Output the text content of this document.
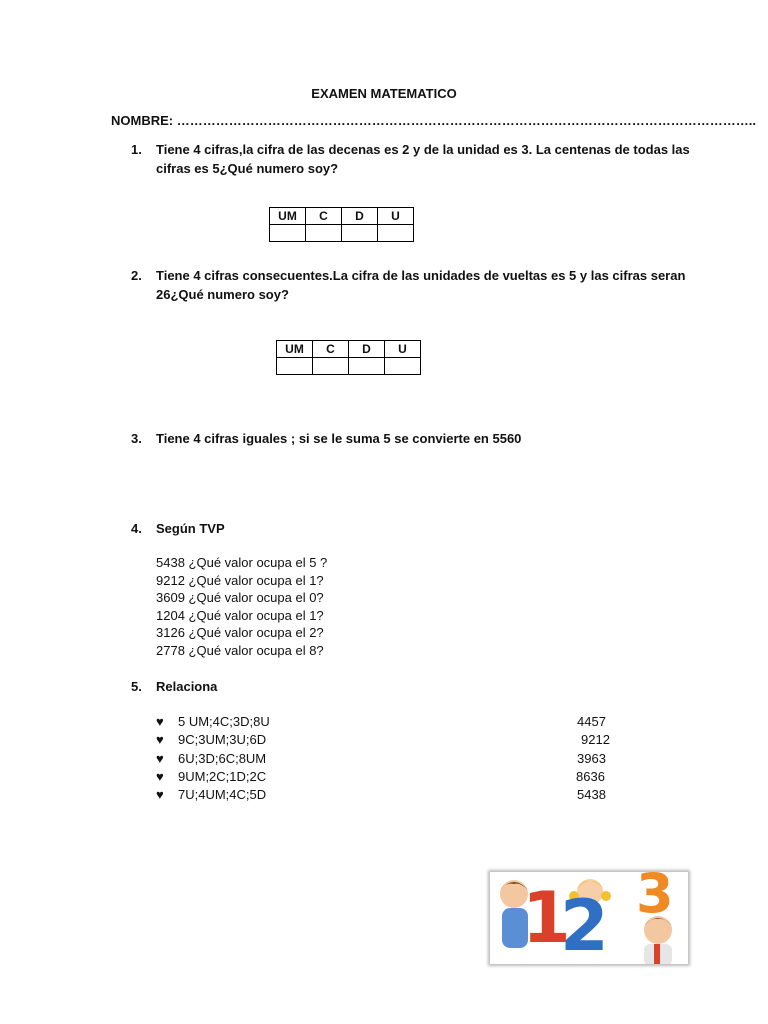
EXAMEN MATEMATICO
NOMBRE: ……………………………………………………………………………………………………………………..
1. Tiene 4 cifras,la cifra de las decenas es 2 y de la unidad es 3. La centenas de todas las
cifras es 5¿Qué numero soy?
UM	C	D	U

2. Tiene 4 cifras consecuentes.La cifra de las unidades de vueltas es 5 y las cifras seran
26¿Qué numero soy?
UM	C	D	U

3. Tiene 4 cifras iguales ; si se le suma 5 se convierte en 5560
4. Según TVP
5438 ¿Qué valor ocupa el 5 ?
9212 ¿Qué valor ocupa el 1?
3609 ¿Qué valor ocupa el 0?
1204 ¿Qué valor ocupa el 1?
3126 ¿Qué valor ocupa el 2?
2778 ¿Qué valor ocupa el 8?
5. Relaciona
♥ 5 UM;4C;3D;8U	4457
♥ 9C;3UM;3U;6D	9212
♥ 6U;3D;6C;8UM	3963
♥ 9UM;2C;1D;2C	8636
♥ 7U;4UM;4C;5D	5438
1
2 3
